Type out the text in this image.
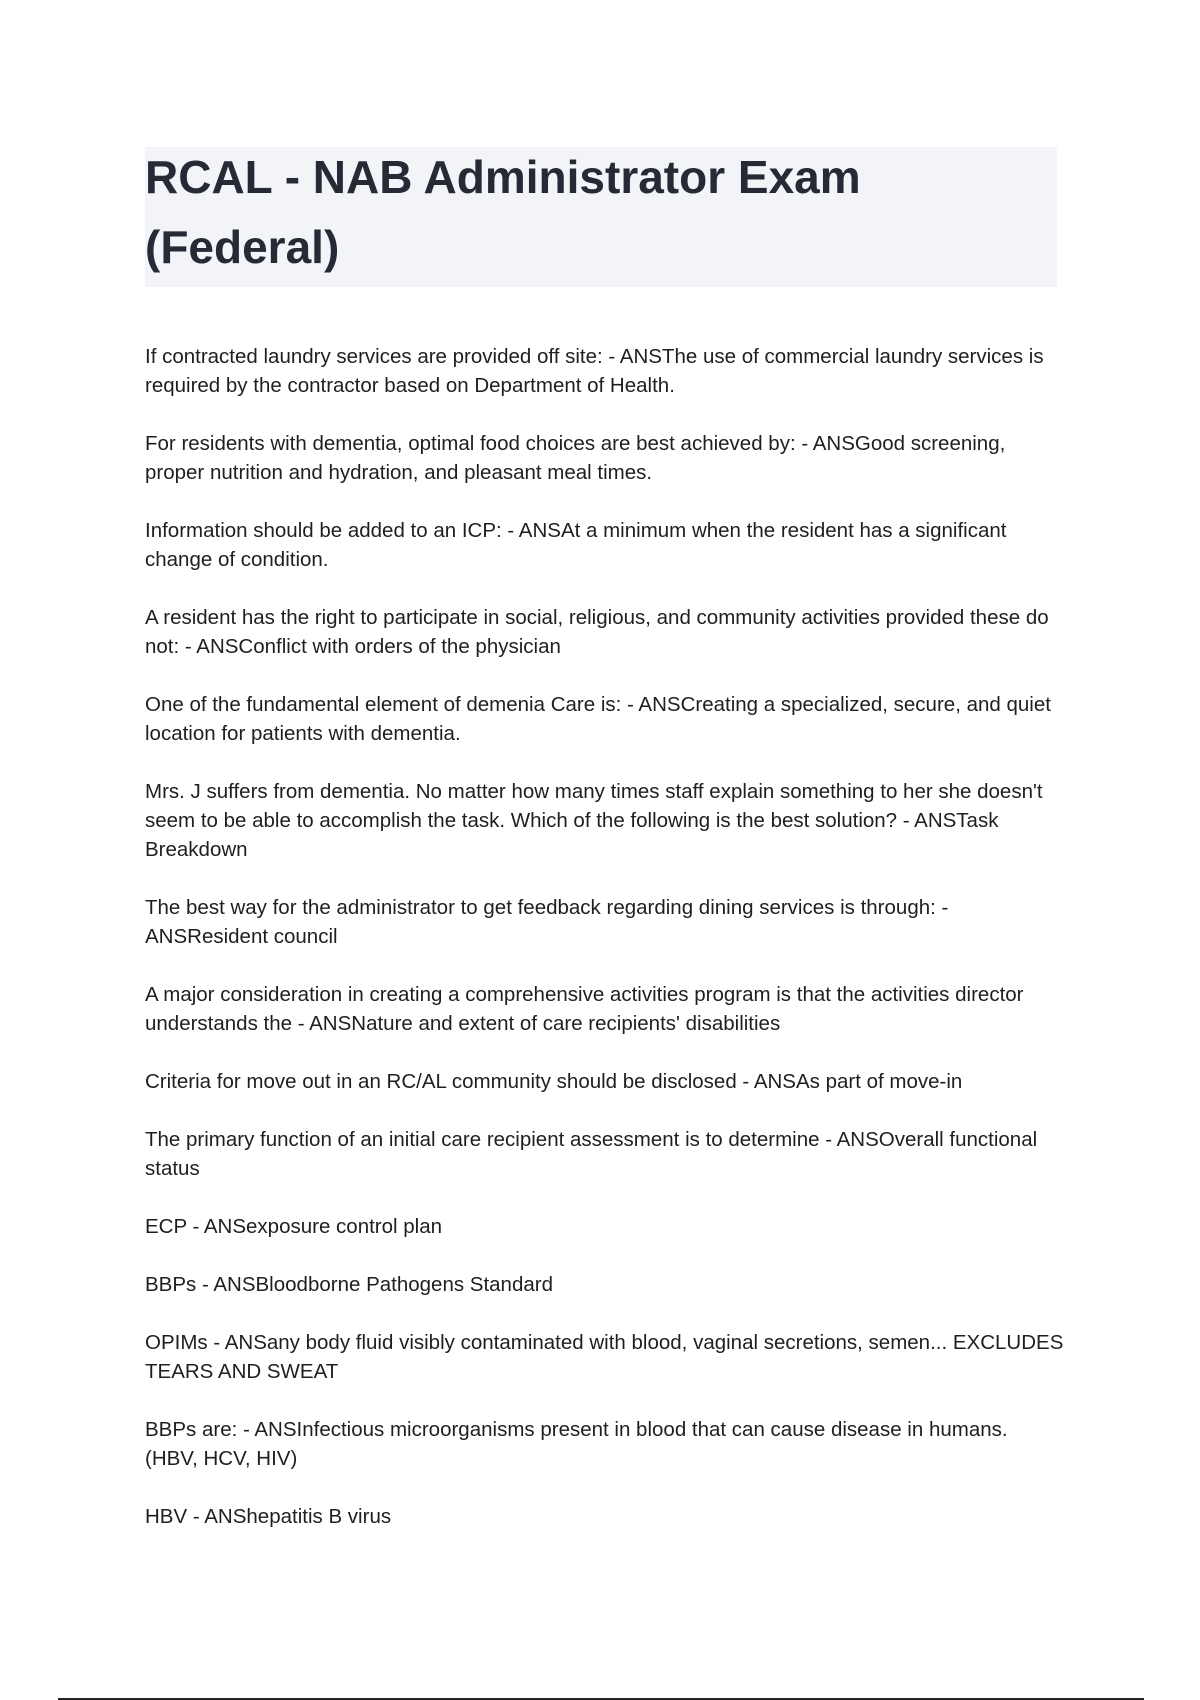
RCAL - NAB Administrator Exam (Federal)
If contracted laundry services are provided off site: - ANSThe use of commercial laundry services is required by the contractor based on Department of Health.
For residents with dementia, optimal food choices are best achieved by: - ANSGood screening, proper nutrition and hydration, and pleasant meal times.
Information should be added to an ICP: - ANSAt a minimum when the resident has a significant change of condition.
A resident has the right to participate in social, religious, and community activities provided these do not: - ANSConflict with orders of the physician
One of the fundamental element of demenia Care is: - ANSCreating a specialized, secure, and quiet location for patients with dementia.
Mrs. J suffers from dementia. No matter how many times staff explain something to her she doesn't seem to be able to accomplish the task. Which of the following is the best solution? - ANSTask Breakdown
The best way for the administrator to get feedback regarding dining services is through: - ANSResident council
A major consideration in creating a comprehensive activities program is that the activities director understands the - ANSNature and extent of care recipients' disabilities
Criteria for move out in an RC/AL community should be disclosed - ANSAs part of move-in
The primary function of an initial care recipient assessment is to determine - ANSOverall functional status
ECP - ANSexposure control plan
BBPs - ANSBloodborne Pathogens Standard
OPIMs - ANSany body fluid visibly contaminated with blood, vaginal secretions, semen... EXCLUDES TEARS AND SWEAT
BBPs are: - ANSInfectious microorganisms present in blood that can cause disease in humans. (HBV, HCV, HIV)
HBV - ANShepatitis B virus
